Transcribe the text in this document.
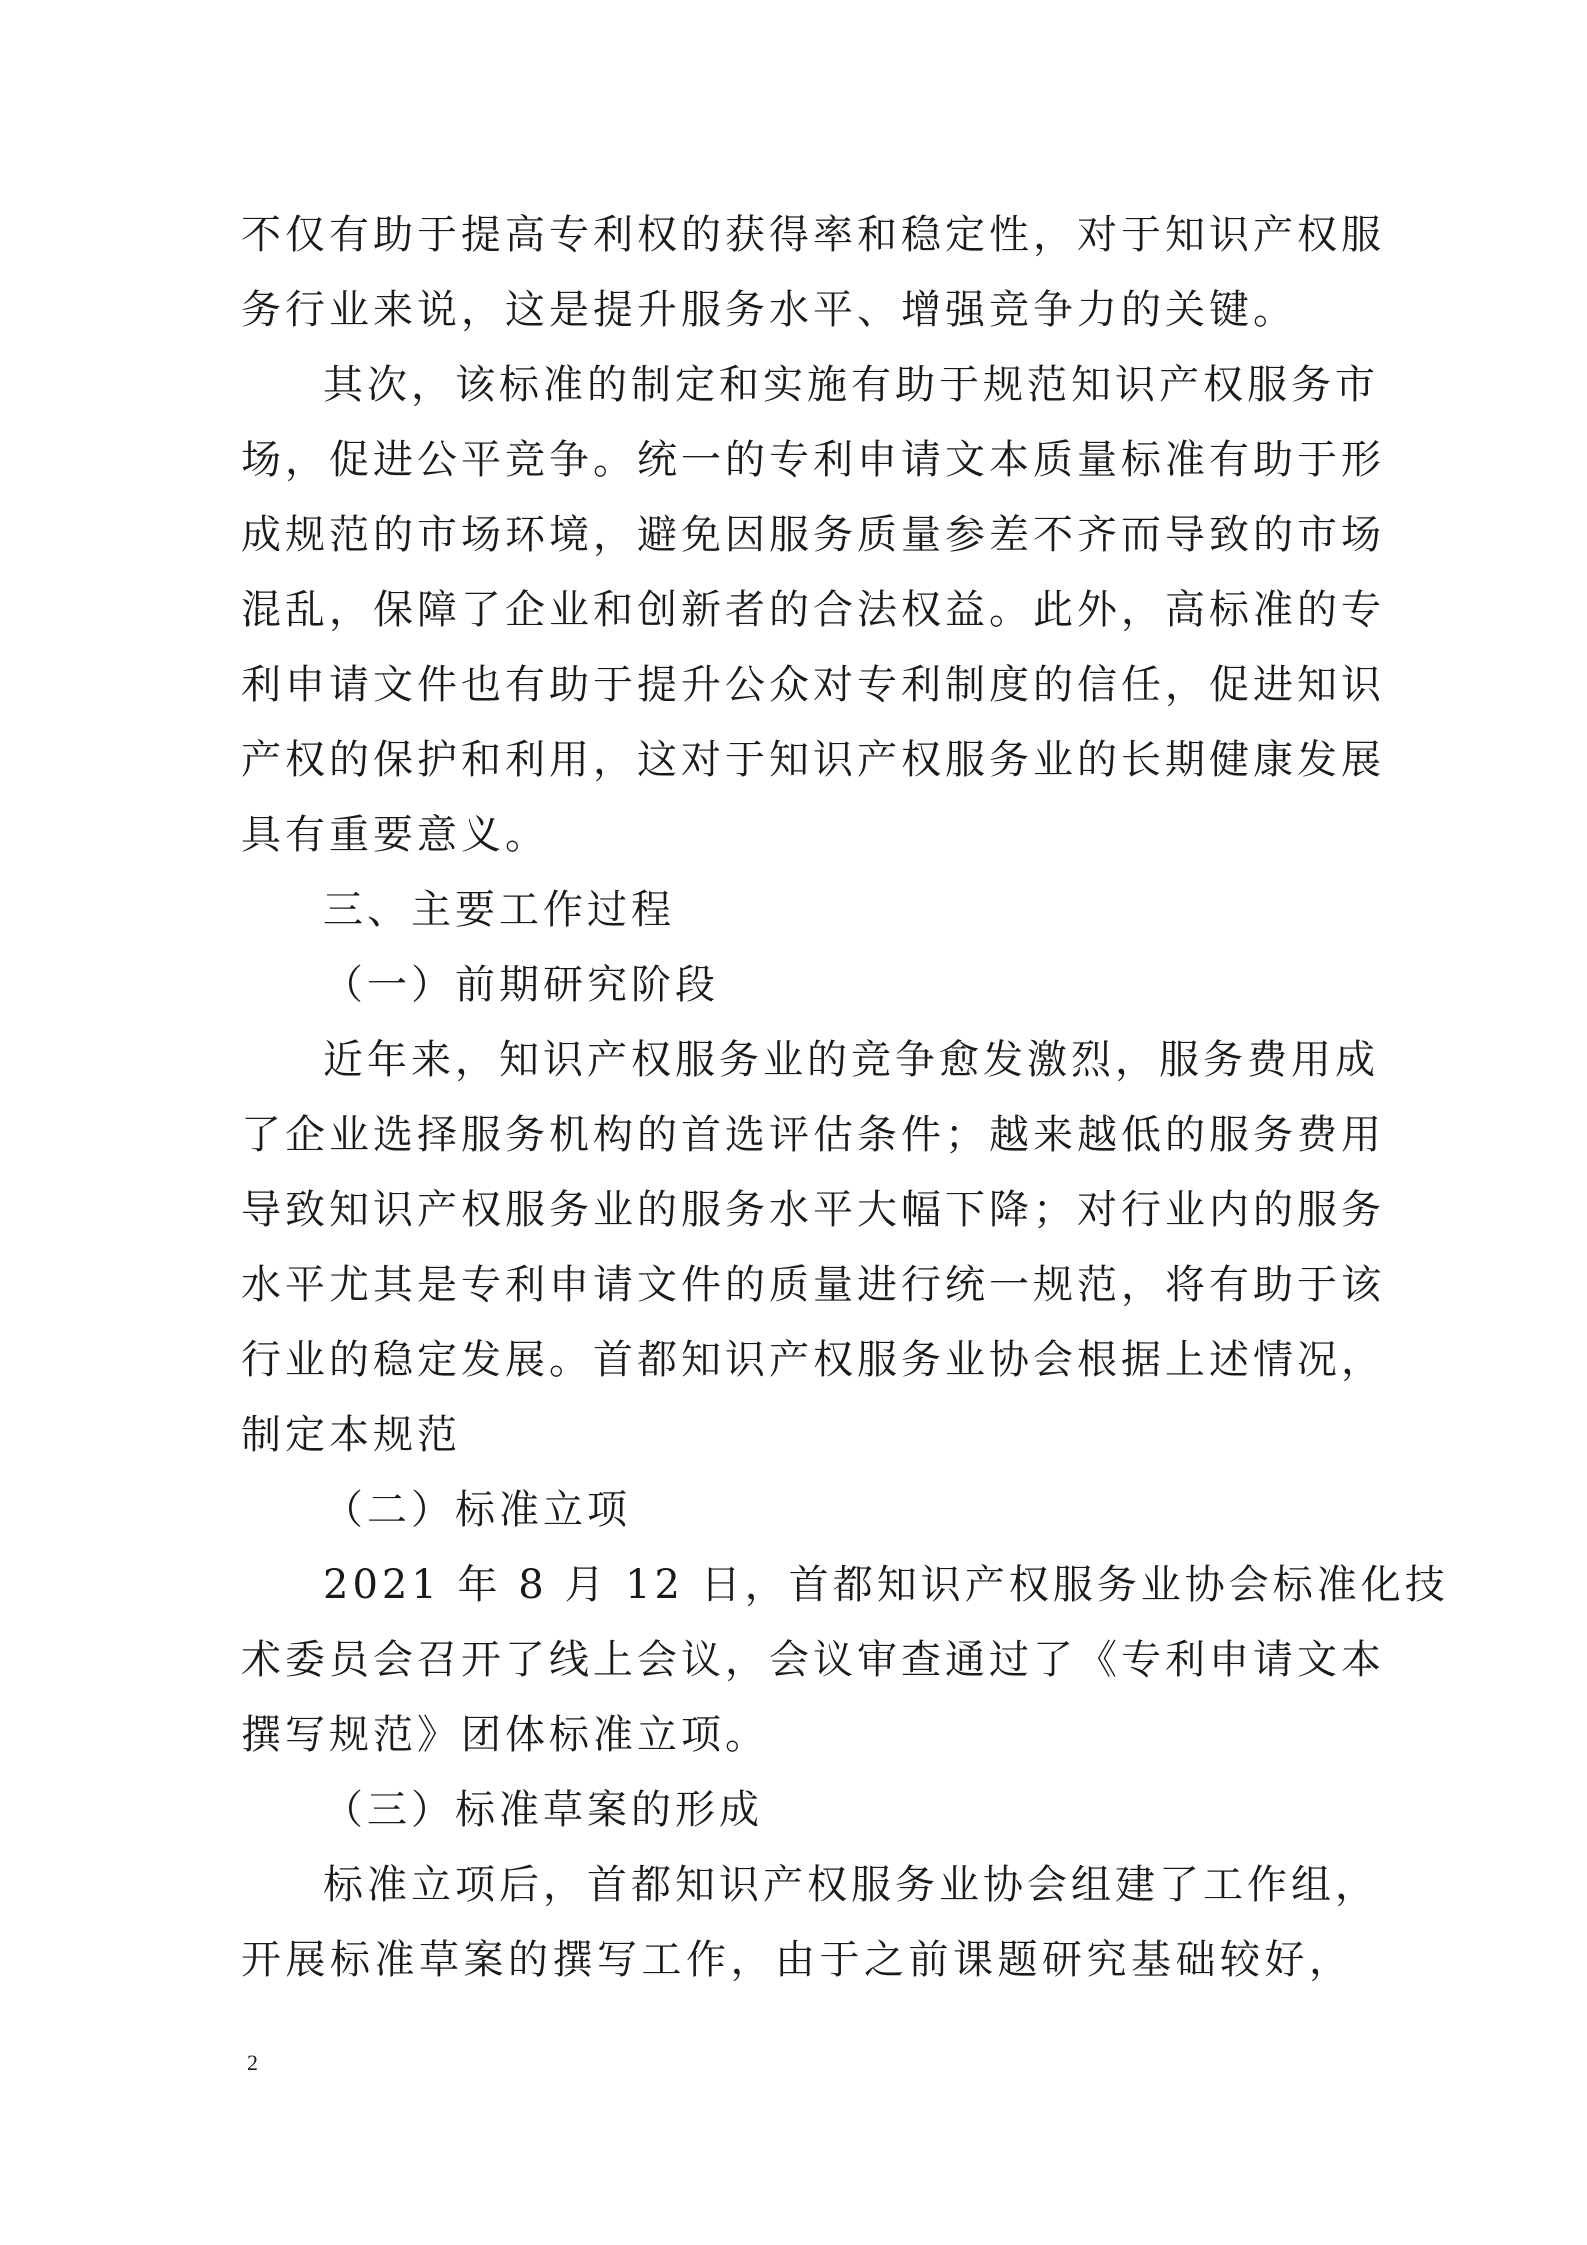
不仅有助于提高专利权的获得率和稳定性，对于知识产权服
务行业来说，这是提升服务水平、增强竞争力的关键。
其次，该标准的制定和实施有助于规范知识产权服务市
场，促进公平竞争。统一的专利申请文本质量标准有助于形
成规范的市场环境，避免因服务质量参差不齐而导致的市场
混乱，保障了企业和创新者的合法权益。此外，高标准的专
利申请文件也有助于提升公众对专利制度的信任，促进知识
产权的保护和利用，这对于知识产权服务业的长期健康发展
具有重要意义。
三、主要工作过程
（一）前期研究阶段
近年来，知识产权服务业的竞争愈发激烈，服务费用成
了企业选择服务机构的首选评估条件；越来越低的服务费用
导致知识产权服务业的服务水平大幅下降；对行业内的服务
水平尤其是专利申请文件的质量进行统一规范，将有助于该
行业的稳定发展。首都知识产权服务业协会根据上述情况，
制定本规范
（二）标准立项
2021 年 8 月 12 日，首都知识产权服务业协会标准化技
术委员会召开了线上会议，会议审查通过了《专利申请文本
撰写规范》团体标准立项。
（三）标准草案的形成
标准立项后，首都知识产权服务业协会组建了工作组，
开展标准草案的撰写工作，由于之前课题研究基础较好，
2
